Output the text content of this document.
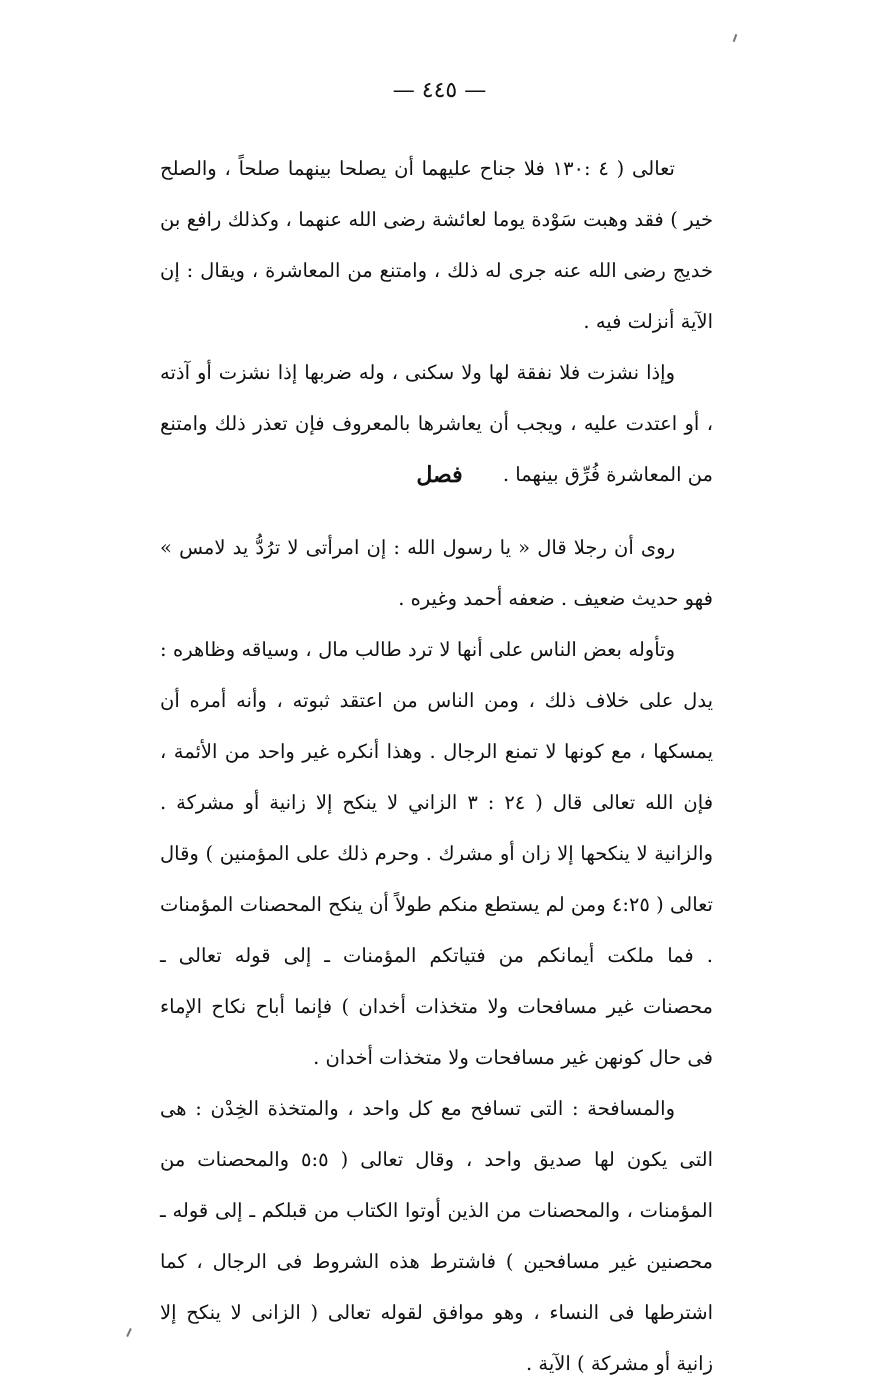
— ٤٤٥ —

تعالى ( ٤ :١٣٠ فلا جناح عليهما أن يصلحا بينهما صلحاً ، والصلح خير ) فقد وهبت سَوْدة يوما لعائشة رضى الله عنهما ، وكذلك رافع بن خديج رضى الله عنه جرى له ذلك ، وامتنع من المعاشرة ، ويقال : إن الآية أنزلت فيه .

وإذا نشزت فلا نفقة لها ولا سكنى ، وله ضربها إذا نشزت أو آذته ، أو اعتدت عليه ، ويجب أن يعاشرها بالمعروف فإن تعذر ذلك وامتنع من المعاشرة فُرِّق بينهما .

فصل

روى أن رجلا قال « يا رسول الله : إن امرأتى لا ترُدُّ يد لامس » فهو حديث ضعيف . ضعفه أحمد وغيره .

وتأوله بعض الناس على أنها لا ترد طالب مال ، وسياقه وظاهره : يدل على خلاف ذلك ، ومن الناس من اعتقد ثبوته ، وأنه أمره أن يمسكها ، مع كونها لا تمنع الرجال . وهذا أنكره غير واحد من الأئمة ، فإن الله تعالى قال ( ٢٤ : ٣ الزاني لا ينكح إلا زانية أو مشركة . والزانية لا ينكحها إلا زان أو مشرك . وحرم ذلك على المؤمنين ) وقال تعالى ( ٤:٢٥ ومن لم يستطع منكم طولاً أن ينكح المحصنات المؤمنات . فما ملكت أيمانكم من فتياتكم المؤمنات ـ إلى قوله تعالى ـ محصنات غير مسافحات ولا متخذات أخدان ) فإنما أباح نكاح الإماء فى حال كونهن غير مسافحات ولا متخذات أخدان .

والمسافحة : التى تسافح مع كل واحد ، والمتخذة الخِدْن : هى التى يكون لها صديق واحد ، وقال تعالى ( ٥:٥ والمحصنات من المؤمنات ، والمحصنات من الذين أوتوا الكتاب من قبلكم ـ إلى قوله ـ محصنين غير مسافحين ) فاشترط هذه الشروط فى الرجال ، كما اشترطها فى النساء ، وهو موافق لقوله تعالى ( الزانى لا ينكح إلا زانية أو مشركة ) الآية .
